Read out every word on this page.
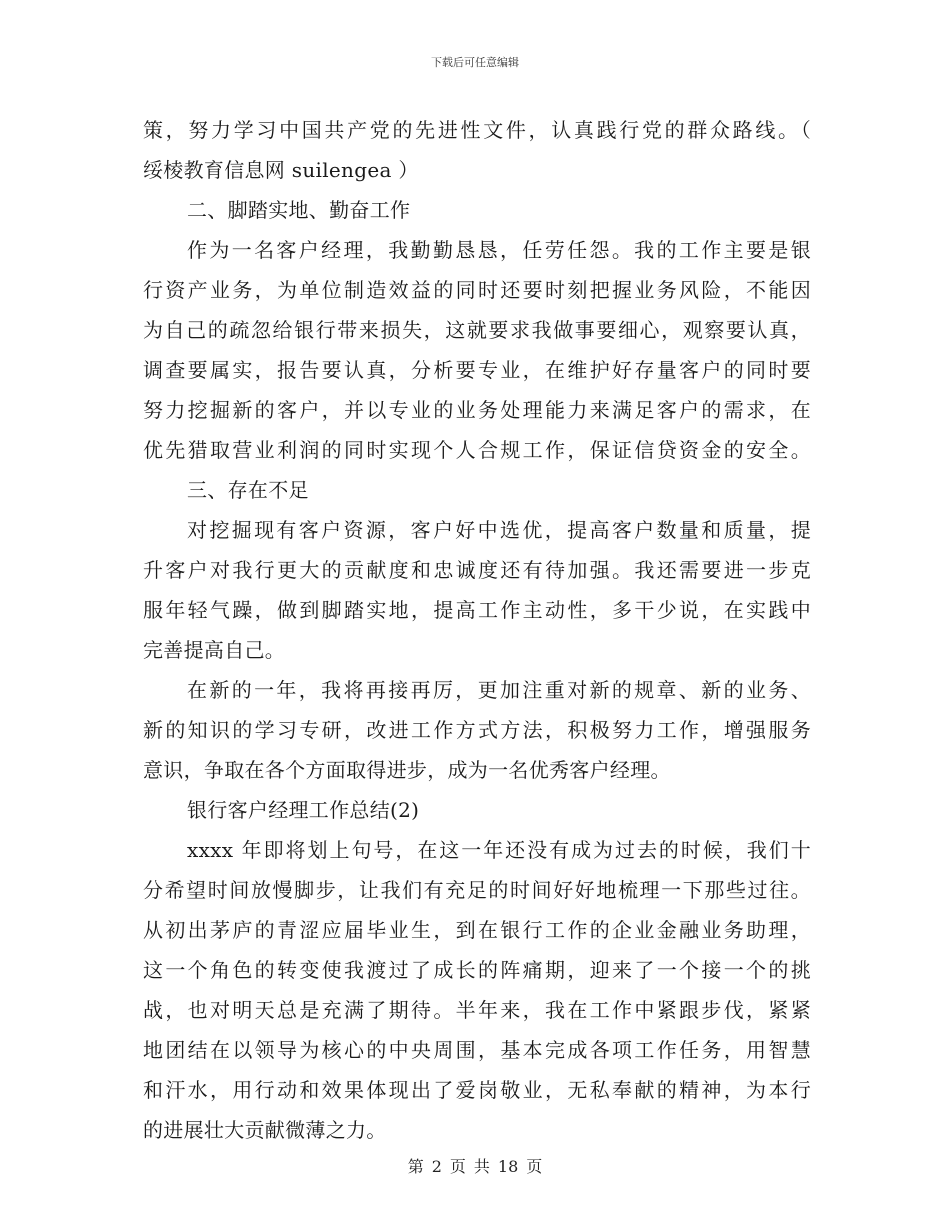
下载后可任意编辑
策，努力学习中国共产党的先进性文件，认真践行党的群众路线。（
绥棱教育信息网 suilengea ）
二、脚踏实地、勤奋工作
作为一名客户经理，我勤勤恳恳，任劳任怨。我的工作主要是银
行资产业务，为单位制造效益的同时还要时刻把握业务风险，不能因
为自己的疏忽给银行带来损失，这就要求我做事要细心，观察要认真，
调查要属实，报告要认真，分析要专业，在维护好存量客户的同时要
努力挖掘新的客户，并以专业的业务处理能力来满足客户的需求，在
优先猎取营业利润的同时实现个人合规工作，保证信贷资金的安全。
三、存在不足
对挖掘现有客户资源，客户好中选优，提高客户数量和质量，提
升客户对我行更大的贡献度和忠诚度还有待加强。我还需要进一步克
服年轻气躁，做到脚踏实地，提高工作主动性，多干少说，在实践中
完善提高自己。
在新的一年，我将再接再厉，更加注重对新的规章、新的业务、
新的知识的学习专研，改进工作方式方法，积极努力工作，增强服务
意识，争取在各个方面取得进步，成为一名优秀客户经理。
银行客户经理工作总结(2)
xxxx 年即将划上句号，在这一年还没有成为过去的时候，我们十
分希望时间放慢脚步，让我们有充足的时间好好地梳理一下那些过往。
从初出茅庐的青涩应届毕业生，到在银行工作的企业金融业务助理，
这一个角色的转变使我渡过了成长的阵痛期，迎来了一个接一个的挑
战，也对明天总是充满了期待。半年来，我在工作中紧跟步伐，紧紧
地团结在以领导为核心的中央周围，基本完成各项工作任务，用智慧
和汗水，用行动和效果体现出了爱岗敬业，无私奉献的精神，为本行
的进展壮大贡献微薄之力。
第 2 页 共 18 页
